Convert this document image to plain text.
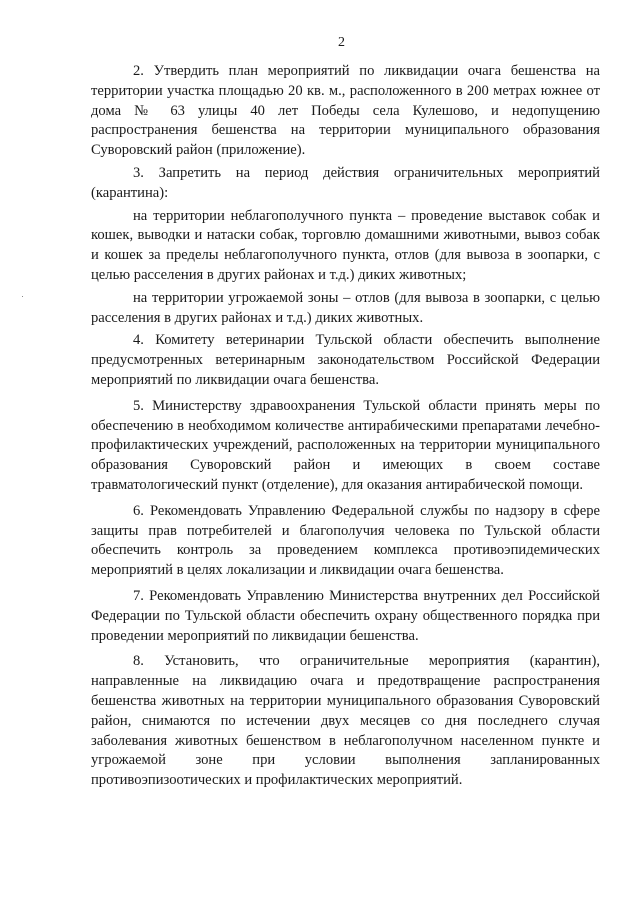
2

2. Утвердить план мероприятий по ликвидации очага бешенства на территории участка площадью 20 кв. м., расположенного в 200 метрах южнее от дома № 63 улицы 40 лет Победы села Кулешово, и недопущению распространения бешенства на территории муниципального образования Суворовский район (приложение).

3. Запретить на период действия ограничительных мероприятий (карантина):

на территории неблагополучного пункта – проведение выставок собак и кошек, выводки и натаски собак, торговлю домашними животными, вывоз собак и кошек за пределы неблагополучного пункта, отлов (для вывоза в зоопарки, с целью расселения в других районах и т.д.) диких животных;

на территории угрожаемой зоны – отлов (для вывоза в зоопарки, с целью расселения в других районах и т.д.) диких животных.

4. Комитету ветеринарии Тульской области обеспечить выполнение предусмотренных ветеринарным законодательством Российской Федерации мероприятий по ликвидации очага бешенства.

5. Министерству здравоохранения Тульской области принять меры по обеспечению в необходимом количестве антирабическими препаратами лечебно-профилактических учреждений, расположенных на территории муниципального образования Суворовский район и имеющих в своем составе травматологический пункт (отделение), для оказания антирабической помощи.

6. Рекомендовать Управлению Федеральной службы по надзору в сфере защиты прав потребителей и благополучия человека по Тульской области обеспечить контроль за проведением комплекса противоэпидемических мероприятий в целях локализации и ликвидации очага бешенства.

7. Рекомендовать Управлению Министерства внутренних дел Российской Федерации по Тульской области обеспечить охрану общественного порядка при проведении мероприятий по ликвидации бешенства.

8. Установить, что ограничительные мероприятия (карантин), направленные на ликвидацию очага и предотвращение распространения бешенства животных на территории муниципального образования Суворовский район, снимаются по истечении двух месяцев со дня последнего случая заболевания животных бешенством в неблагополучном населенном пункте и угрожаемой зоне при условии выполнения запланированных противоэпизоотических и профилактических мероприятий.
